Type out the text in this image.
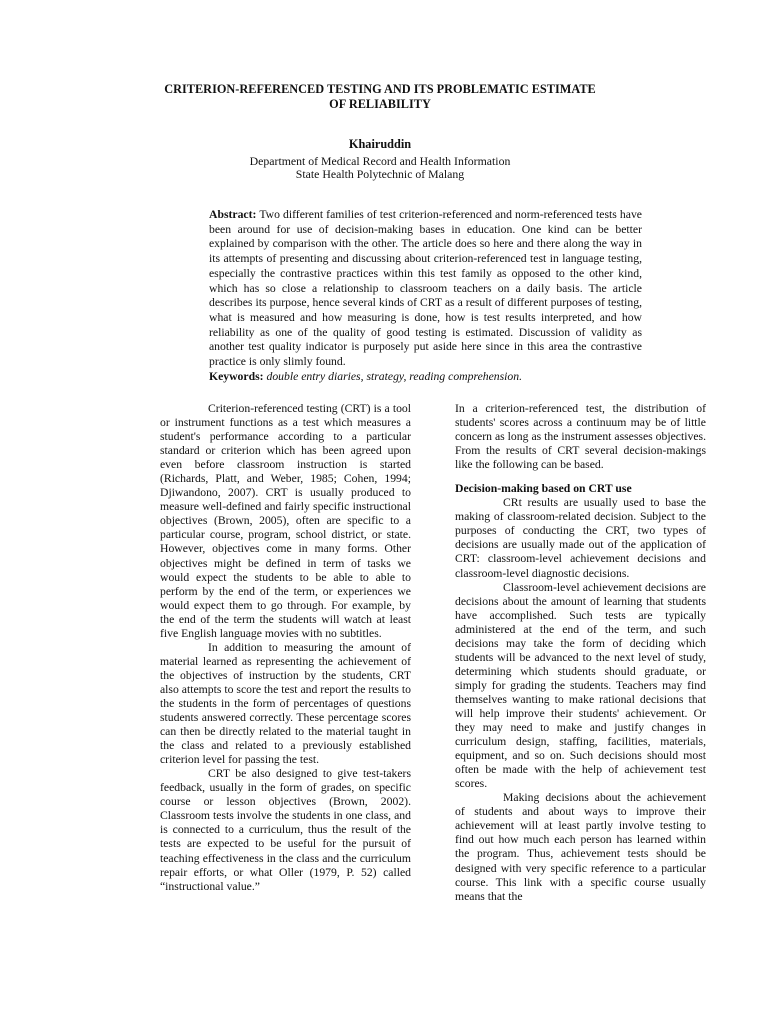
CRITERION-REFERENCED TESTING AND ITS PROBLEMATIC ESTIMATE
OF RELIABILITY
Khairuddin
Department of Medical Record and Health Information
State Health Polytechnic of Malang
Abstract: Two different families of test criterion-referenced and norm-referenced tests have been around for use of decision-making bases in education. One kind can be better explained by comparison with the other. The article does so here and there along the way in its attempts of presenting and discussing about criterion-referenced test in language testing, especially the contrastive practices within this test family as opposed to the other kind, which has so close a relationship to classroom teachers on a daily basis. The article describes its purpose, hence several kinds of CRT as a result of different purposes of testing, what is measured and how measuring is done, how is test results interpreted, and how reliability as one of the quality of good testing is estimated. Discussion of validity as another test quality indicator is purposely put aside here since in this area the contrastive practice is only slimly found.
Keywords: double entry diaries, strategy, reading comprehension.

Criterion-referenced testing (CRT) is a tool or instrument functions as a test which measures a student's performance according to a particular standard or criterion which has been agreed upon even before classroom instruction is started (Richards, Platt, and Weber, 1985; Cohen, 1994; Djiwandono, 2007). CRT is usually produced to measure well-defined and fairly specific instructional objectives (Brown, 2005), often are specific to a particular course, program, school district, or state. However, objectives come in many forms. Other objectives might be defined in term of tasks we would expect the students to be able to able to perform by the end of the term, or experiences we would expect them to go through. For example, by the end of the term the students will watch at least five English language movies with no subtitles.

In addition to measuring the amount of material learned as representing the achievement of the objectives of instruction by the students, CRT also attempts to score the test and report the results to the students in the form of percentages of questions students answered correctly. These percentage scores can then be directly related to the material taught in the class and related to a previously established criterion level for passing the test.

CRT be also designed to give test-takers feedback, usually in the form of grades, on specific course or lesson objectives (Brown, 2002). Classroom tests involve the students in one class, and is connected to a curriculum, thus the result of the tests are expected to be useful for the pursuit of teaching effectiveness in the class and the curriculum repair efforts, or what Oller (1979, P. 52) called “instructional value.”

In a criterion-referenced test, the distribution of students' scores across a continuum may be of little concern as long as the instrument assesses objectives. From the results of CRT several decision-makings like the following can be based.

Decision-making based on CRT use

CRt results are usually used to base the making of classroom-related decision. Subject to the purposes of conducting the CRT, two types of decisions are usually made out of the application of CRT: classroom-level achievement decisions and classroom-level diagnostic decisions.

Classroom-level achievement decisions are decisions about the amount of learning that students have accomplished. Such tests are typically administered at the end of the term, and such decisions may take the form of deciding which students will be advanced to the next level of study, determining which students should graduate, or simply for grading the students. Teachers may find themselves wanting to make rational decisions that will help improve their students' achievement. Or they may need to make and justify changes in curriculum design, staffing, facilities, materials, equipment, and so on. Such decisions should most often be made with the help of achievement test scores.

Making decisions about the achievement of students and about ways to improve their achievement will at least partly involve testing to find out how much each person has learned within the program. Thus, achievement tests should be designed with very specific reference to a particular course. This link with a specific course usually means that the
